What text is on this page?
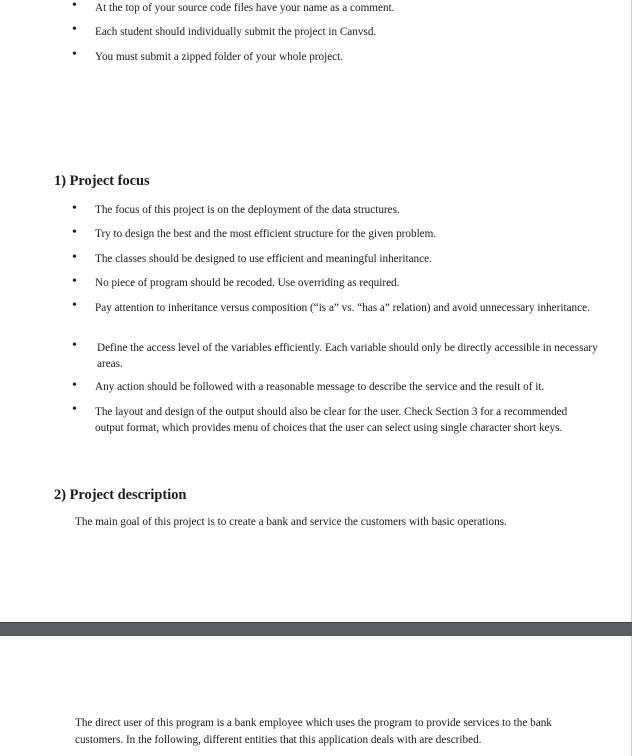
• At the top of your source code files have your name as a comment.
• Each student should individually submit the project in Canvsd.
• You must submit a zipped folder of your whole project.
1) Project focus
• The focus of this project is on the deployment of the data structures.
• Try to design the best and the most efficient structure for the given problem.
• The classes should be designed to use efficient and meaningful inheritance.
• No piece of program should be recoded. Use overriding as required.
• Pay attention to inheritance versus composition (“is a” vs. “has a” relation) and avoid unnecessary inheritance.
• Define the access level of the variables efficiently. Each variable should only be directly accessible in necessary areas.
• Any action should be followed with a reasonable message to describe the service and the result of it.
• The layout and design of the output should also be clear for the user. Check Section 3 for a recommended output format, which provides menu of choices that the user can select using single character short keys.
2) Project description
The main goal of this project is to create a bank and service the customers with basic operations.
The direct user of this program is a bank employee which uses the program to provide services to the bank customers. In the following, different entities that this application deals with are described.
